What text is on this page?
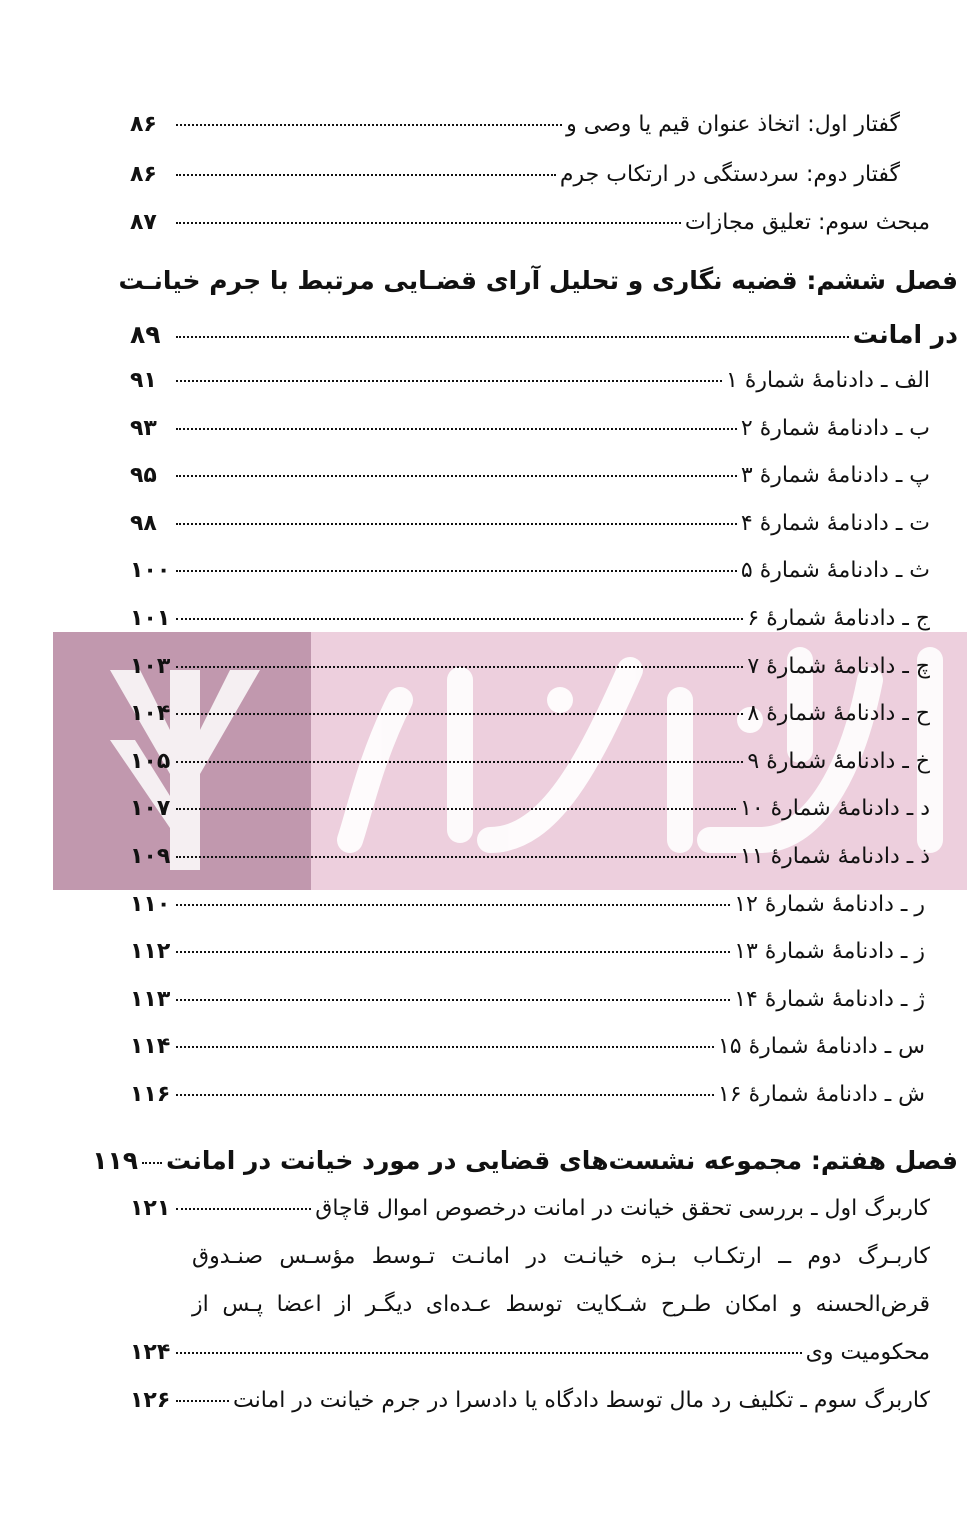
گفتار اول: اتخاذ عنوان قیم یا وصی و
۸۶
گفتار دوم: سردستگی در ارتکاب جرم
۸۶
مبحث سوم: تعلیق مجازات
۸۷
فصل ششم: قضیه نگاری و تحلیل آرای قضـایی مرتبط با جرم خیانـت
در امانت
۸۹
الف ـ دادنامهٔ شمارهٔ ۱
۹۱
ب ـ دادنامهٔ شمارهٔ ۲
۹۳
پ ـ دادنامهٔ شمارهٔ ۳
۹۵
ت ـ دادنامهٔ شمارهٔ ۴
۹۸
ث ـ دادنامهٔ شمارهٔ ۵
۱۰۰
ج ـ دادنامهٔ شمارهٔ ۶
۱۰۱
چ ـ دادنامهٔ شمارهٔ ۷
۱۰۳
ح ـ دادنامهٔ شمارهٔ ۸
۱۰۴
خ ـ دادنامهٔ شمارهٔ ۹
۱۰۵
د ـ دادنامهٔ شمارهٔ ۱۰
۱۰۷
ذ ـ دادنامهٔ شمارهٔ ۱۱
۱۰۹
ر ـ دادنامهٔ شمارهٔ ۱۲
۱۱۰
ز ـ دادنامهٔ شمارهٔ ۱۳
۱۱۲
ژ ـ دادنامهٔ شمارهٔ ۱۴
۱۱۳
س ـ دادنامهٔ شمارهٔ ۱۵
۱۱۴
ش ـ دادنامهٔ شمارهٔ ۱۶
۱۱۶
فصل هفتم: مجموعه نشست‌های قضایی در مورد خیانت در امانت
۱۱۹
کاربرگ اول ـ بررسی تحقق خیانت در امانت درخصوص اموال قاچاق
۱۲۱
کاربـرگ دوم ــ ارتکـاب بـزه خیانـت در امانـت تـوسط مؤسـس صنـدوق
قرض‌الحسنه و امکان طـرح شـکایت توسط عـده‌ای دیگـر از اعضا پـس از
محکومیت وی
۱۲۴
کاربرگ سوم ـ تکلیف رد مال توسط دادگاه یا دادسرا در جرم خیانت در امانت
۱۲۶
